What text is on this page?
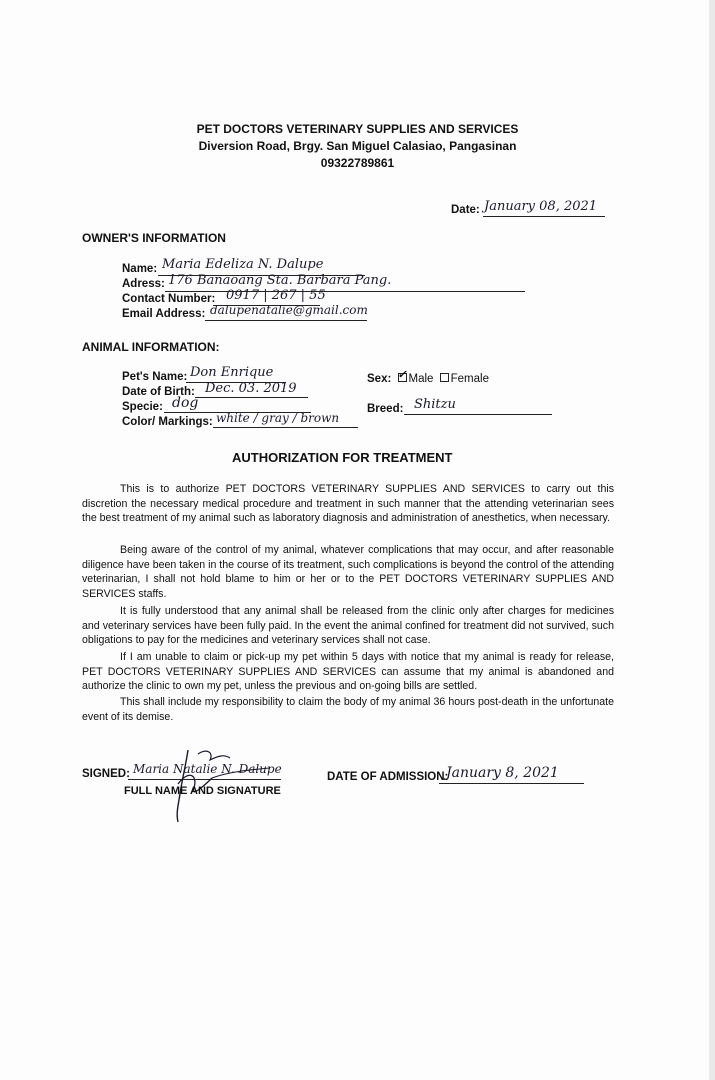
PET DOCTORS VETERINARY SUPPLIES AND SERVICES
Diversion Road, Brgy. San Miguel Calasiao, Pangasinan
09322789861
Date: January 08, 2021
OWNER'S INFORMATION
Name: Maria Edeliza N. Dalupe
Adress: 176 Banaoang Sta. Barbara Pang.
Contact Number: 0917 | 267 | 55
Email Address: dalupenatalie@gmail.com
ANIMAL INFORMATION:
Pet's Name: Don Enrique
Date of Birth: Dec. 03. 2019
Specie: dog
Color/ Markings: white / gray / brown
Sex: ✓ Male Female
Breed: Shitzu
AUTHORIZATION FOR TREATMENT

This is to authorize PET DOCTORS VETERINARY SUPPLIES AND SERVICES to carry out this discretion the necessary medical procedure and treatment in such manner that the attending veterinarian sees the best treatment of my animal such as laboratory diagnosis and administration of anesthetics, when necessary.

Being aware of the control of my animal, whatever complications that may occur, and after reasonable diligence have been taken in the course of its treatment, such complications is beyond the control of the attending veterinarian, I shall not hold blame to him or her or to the PET DOCTORS VETERINARY SUPPLIES AND SERVICES staffs.

It is fully understood that any animal shall be released from the clinic only after charges for medicines and veterinary services have been fully paid. In the event the animal confined for treatment did not survived, such obligations to pay for the medicines and veterinary services shall not case.

If I am unable to claim or pick-up my pet within 5 days with notice that my animal is ready for release, PET DOCTORS VETERINARY SUPPLIES AND SERVICES can assume that my animal is abandoned and authorize the clinic to own my pet, unless the previous and on-going bills are settled.

This shall include my responsibility to claim the body of my animal 36 hours post-death in the unfortunate event of its demise.

SIGNED: Maria Natalie N. Dalupe
FULL NAME AND SIGNATURE
DATE OF ADMISSION:
January 8, 2021
